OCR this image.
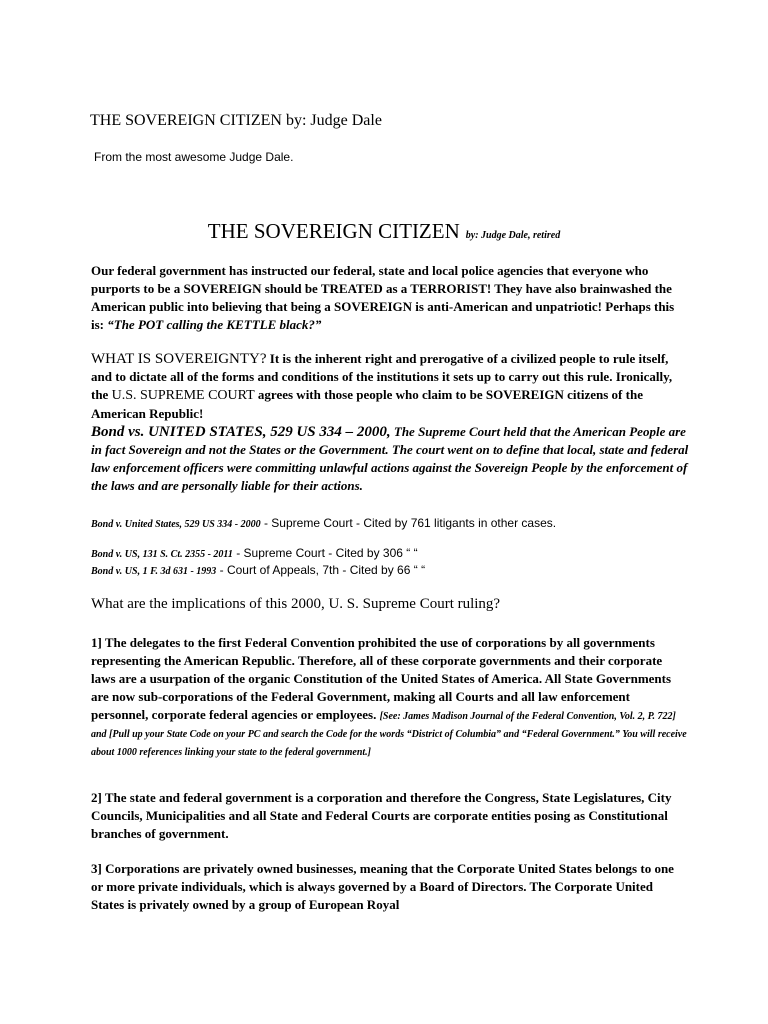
THE SOVEREIGN CITIZEN by: Judge Dale

From the most awesome Judge Dale.

THE SOVEREIGN CITIZEN by: Judge Dale, retired

Our federal government has instructed our federal, state and local police agencies that everyone who purports to be a SOVEREIGN should be TREATED as a TERRORIST! They have also brainwashed the American public into believing that being a SOVEREIGN is anti-American and unpatriotic! Perhaps this is: “The POT calling the KETTLE black?”

WHAT IS SOVEREIGNTY? It is the inherent right and prerogative of a civilized people to rule itself, and to dictate all of the forms and conditions of the institutions it sets up to carry out this rule. Ironically, the U.S. SUPREME COURT agrees with those people who claim to be SOVEREIGN citizens of the American Republic!
Bond vs. UNITED STATES, 529 US 334 – 2000, The Supreme Court held that the American People are in fact Sovereign and not the States or the Government. The court went on to define that local, state and federal law enforcement officers were committing unlawful actions against the Sovereign People by the enforcement of the laws and are personally liable for their actions.

Bond v. United States, 529 US 334 - 2000 - Supreme Court - Cited by 761 litigants in other cases.

Bond v. US, 131 S. Ct. 2355 - 2011 - Supreme Court - Cited by 306 “ “

Bond v. US, 1 F. 3d 631 - 1993 - Court of Appeals, 7th - Cited by 66 “ “

What are the implications of this 2000, U. S. Supreme Court ruling?

1] The delegates to the first Federal Convention prohibited the use of corporations by all governments representing the American Republic. Therefore, all of these corporate governments and their corporate laws are a usurpation of the organic Constitution of the United States of America. All State Governments are now sub-corporations of the Federal Government, making all Courts and all law enforcement personnel, corporate federal agencies or employees. [See: James Madison Journal of the Federal Convention, Vol. 2, P. 722] and [Pull up your State Code on your PC and search the Code for the words “District of Columbia” and “Federal Government.” You will receive about 1000 references linking your state to the federal government.]

2] The state and federal government is a corporation and therefore the Congress, State Legislatures, City Councils, Municipalities and all State and Federal Courts are corporate entities posing as Constitutional branches of government.

3] Corporations are privately owned businesses, meaning that the Corporate United States belongs to one or more private individuals, which is always governed by a Board of Directors. The Corporate United States is privately owned by a group of European Royal
